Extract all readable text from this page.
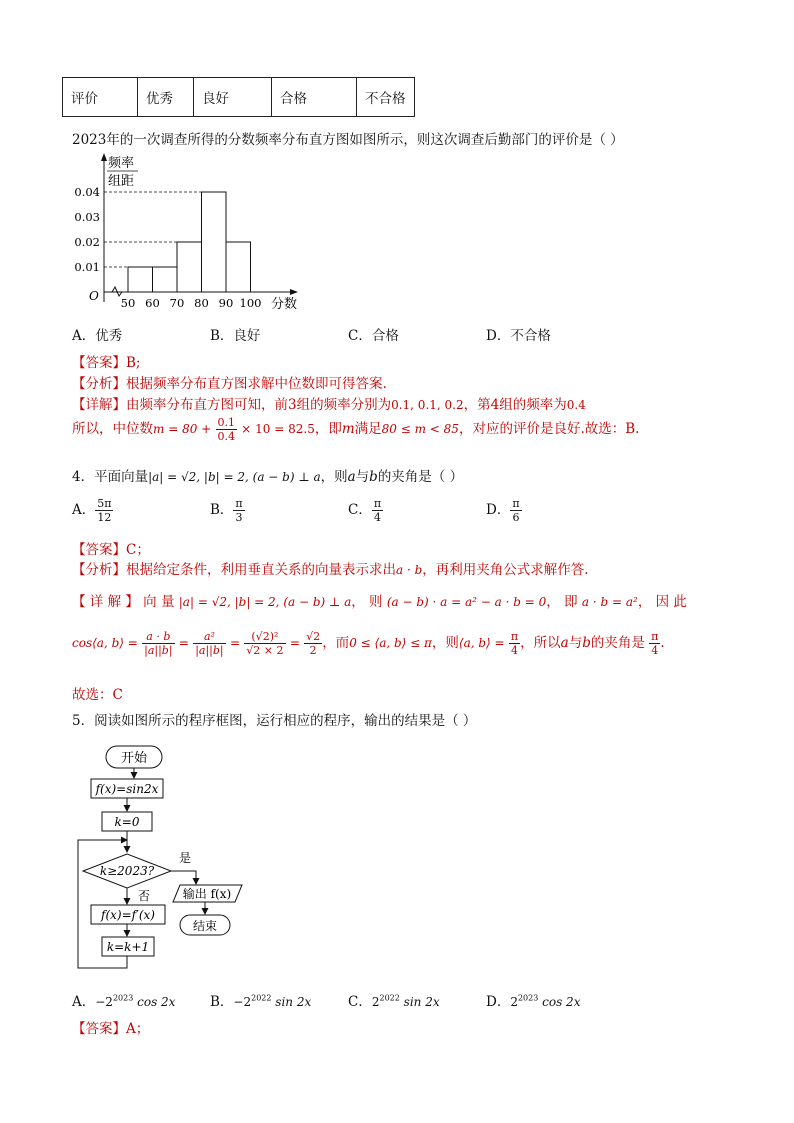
评价	优秀	良好	合格	不合格
2023年的一次调查所得的分数频率分布直方图如图所示，则这次调查后勤部门的评价是（ ）
频率
组距
O
分数
0.01
0.02
0.03
0.04
50 60 70 80 90 100
A．优秀	B．良好	C．合格	D．不合格
【答案】B;
【分析】根据频率分布直方图求解中位数即可得答案.
【详解】由频率分布直方图可知，前3组的频率分别为0.1, 0.1, 0.2，第4组的频率为0.4
所以，中位数$m = 80 + \frac{0.1}{0.4} \times 10 = 82.5$，即m满足80 ≤ m < 85，对应的评价是良好.故选：B.
4．平面向量|a| = √2, |b| = 2, (a − b) ⊥ a，则a与b的夹角是（ ）
A． $\frac{5\pi}{12}$	B． $\frac{\pi}{3}$	C． $\frac{\pi}{4}$	D． $\frac{\pi}{6}$
【答案】C；
【分析】根据给定条件，利用垂直关系的向量表示求出a · b，再利用夹角公式求解作答.
【 详 解 】 向 量 |a| = √2, |b| = 2, (a − b) ⊥ a， 则 (a − b) · a = a² − a · b = 0， 即 a · b = a²， 因 此
cos⟨a, b⟩ = $\frac{a \cdot b}{|a||b|} = \frac{\text{a²}}{|a||b|} = \frac{\text{(√2)²}}{√2 \times 2} = \frac{√2}{2}$ ，而0 ≤ ⟨a, b⟩ ≤ π，则⟨a, b⟩ = $\frac{\pi}{4}$ ，所以a与b的夹角是 $\frac{\pi}{4}$ .
故选：C
5．阅读如图所示的程序框图，运行相应的程序，输出的结果是（ ）
开始
f(x)=sin2x
k=0
k≥2023?
是
输出 f(x)
结束
否
f(x)=f′(x)
k=k+1
A．$-2^{2023}$ cos 2x	B．$-2^{2022}$ sin 2x	C．$2^{2022}$ sin 2x	D．$2^{2023}$ cos 2x
【答案】A；
